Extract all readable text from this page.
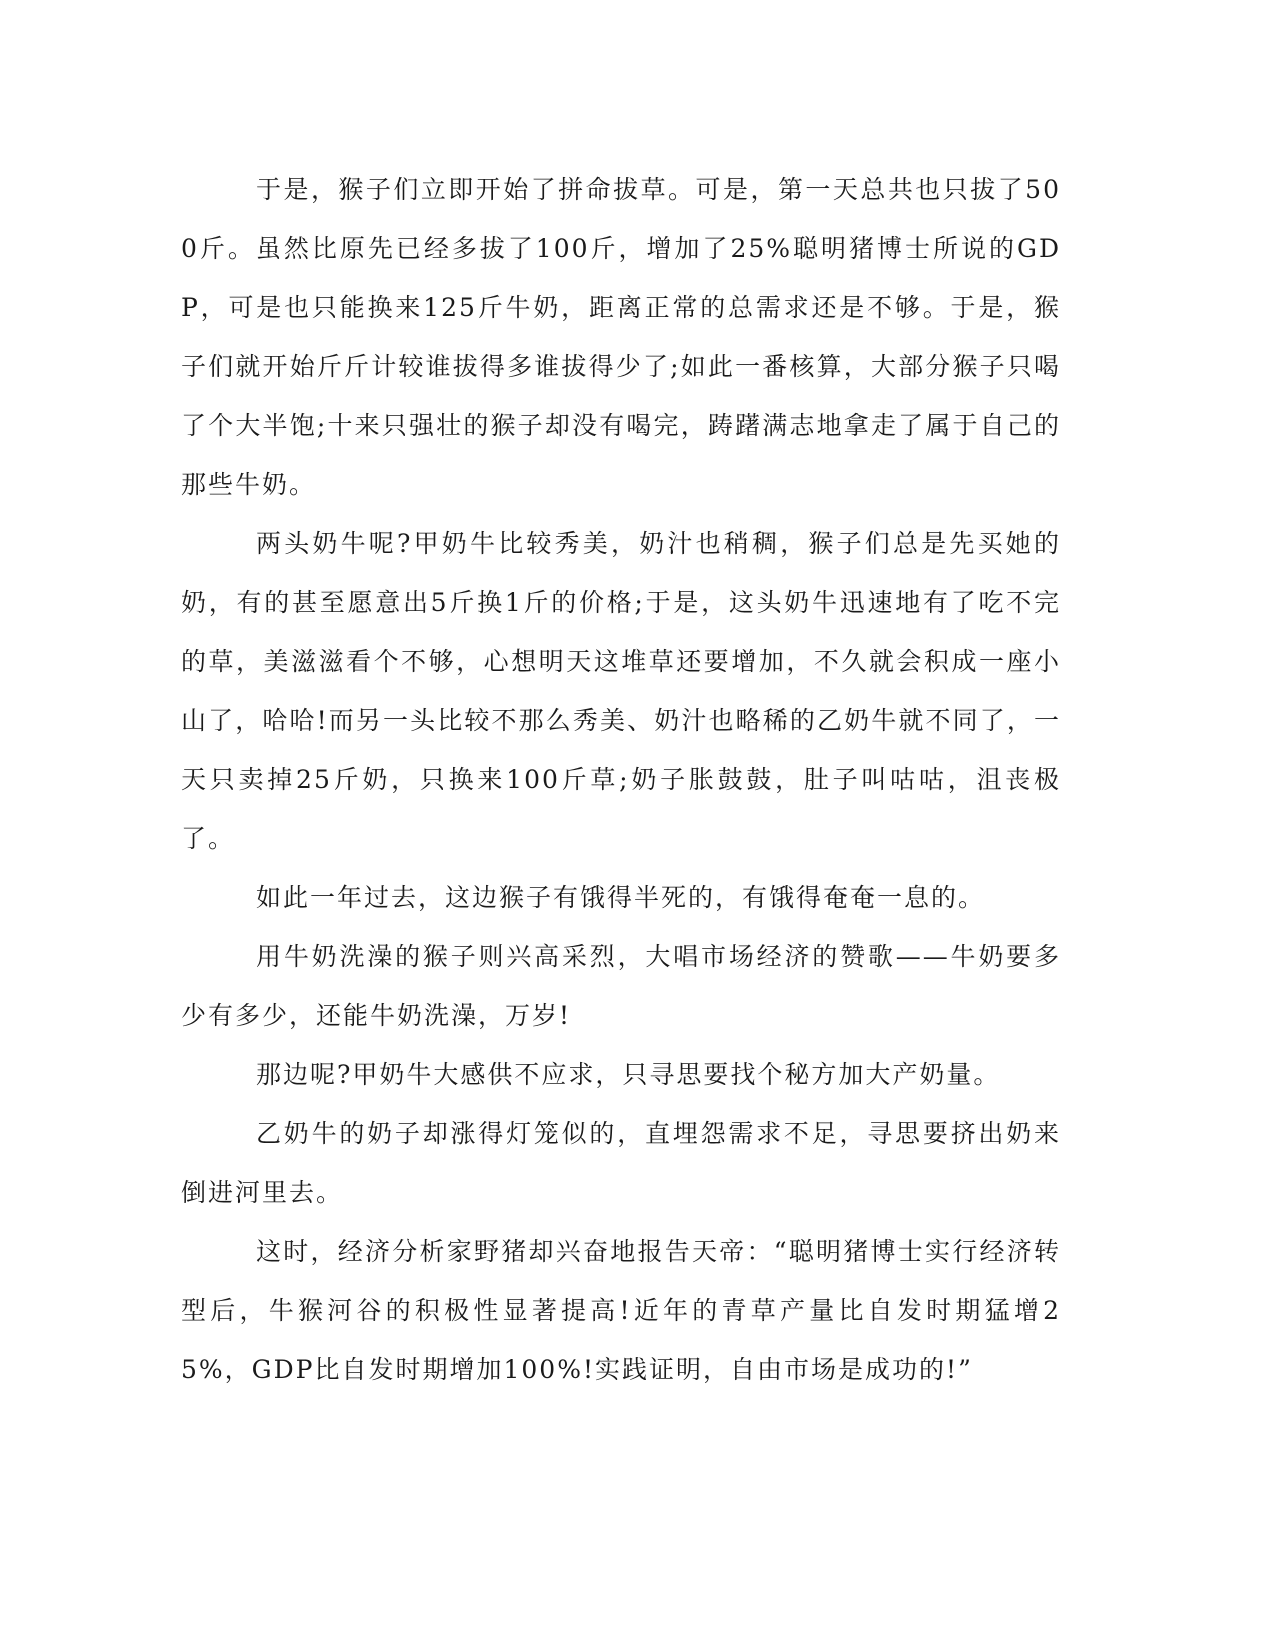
于是，猴子们立即开始了拼命拔草。可是，第一天总共也只拔了500斤。虽然比原先已经多拔了100斤，增加了25%聪明猪博士所说的GDP，可是也只能换来125斤牛奶，距离正常的总需求还是不够。于是，猴子们就开始斤斤计较谁拔得多谁拔得少了;如此一番核算，大部分猴子只喝了个大半饱;十来只强壮的猴子却没有喝完，踌躇满志地拿走了属于自己的那些牛奶。

两头奶牛呢?甲奶牛比较秀美，奶汁也稍稠，猴子们总是先买她的奶，有的甚至愿意出5斤换1斤的价格;于是，这头奶牛迅速地有了吃不完的草，美滋滋看个不够，心想明天这堆草还要增加，不久就会积成一座小山了，哈哈!而另一头比较不那么秀美、奶汁也略稀的乙奶牛就不同了，一天只卖掉25斤奶，只换来100斤草;奶子胀鼓鼓，肚子叫咕咕，沮丧极了。

如此一年过去，这边猴子有饿得半死的，有饿得奄奄一息的。

用牛奶洗澡的猴子则兴高采烈，大唱市场经济的赞歌——牛奶要多少有多少，还能牛奶洗澡，万岁!

那边呢?甲奶牛大感供不应求，只寻思要找个秘方加大产奶量。

乙奶牛的奶子却涨得灯笼似的，直埋怨需求不足，寻思要挤出奶来倒进河里去。

这时，经济分析家野猪却兴奋地报告天帝：“聪明猪博士实行经济转型后，牛猴河谷的积极性显著提高!近年的青草产量比自发时期猛增25%，GDP比自发时期增加100%!实践证明，自由市场是成功的!”
